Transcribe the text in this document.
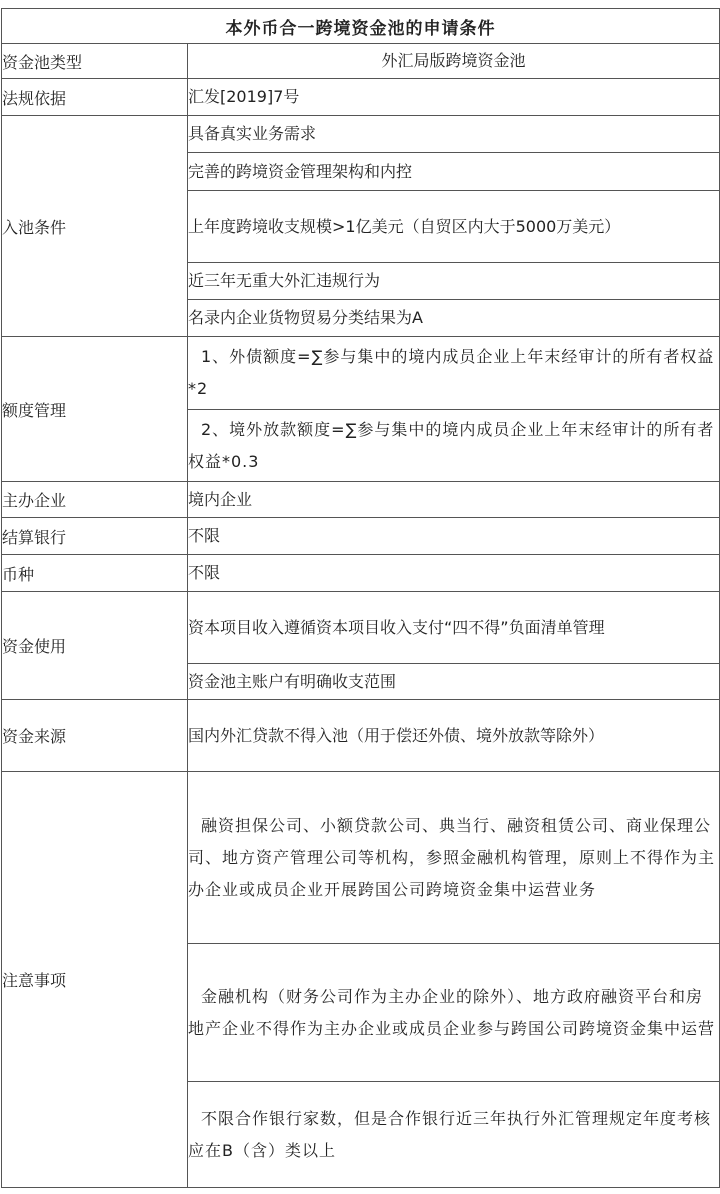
本外币合一跨境资金池的申请条件	
资金池类型	外汇局版跨境资金池
法规依据	汇发[2019]7号
入池条件	具备真实业务需求
	完善的跨境资金管理架构和内控
	上年度跨境收支规模>1亿美元（自贸区内大于5000万美元）
	近三年无重大外汇违规行为
	名录内企业货物贸易分类结果为A
额度管理	1、外债额度=∑参与集中的境内成员企业上年末经审计的所有者权益*2
	2、境外放款额度=∑参与集中的境内成员企业上年末经审计的所有者权益*0.3
主办企业	境内企业
结算银行	不限
币种	不限
资金使用	资本项目收入遵循资本项目收入支付“四不得”负面清单管理
	资金池主账户有明确收支范围
资金来源	国内外汇贷款不得入池（用于偿还外债、境外放款等除外）
注意事项	融资担保公司、小额贷款公司、典当行、融资租赁公司、商业保理公司、地方资产管理公司等机构，参照金融机构管理，原则上不得作为主办企业或成员企业开展跨国公司跨境资金集中运营业务
	金融机构（财务公司作为主办企业的除外）、地方政府融资平台和房地产企业不得作为主办企业或成员企业参与跨国公司跨境资金集中运营
	不限合作银行家数，但是合作银行近三年执行外汇管理规定年度考核应在B（含）类以上
